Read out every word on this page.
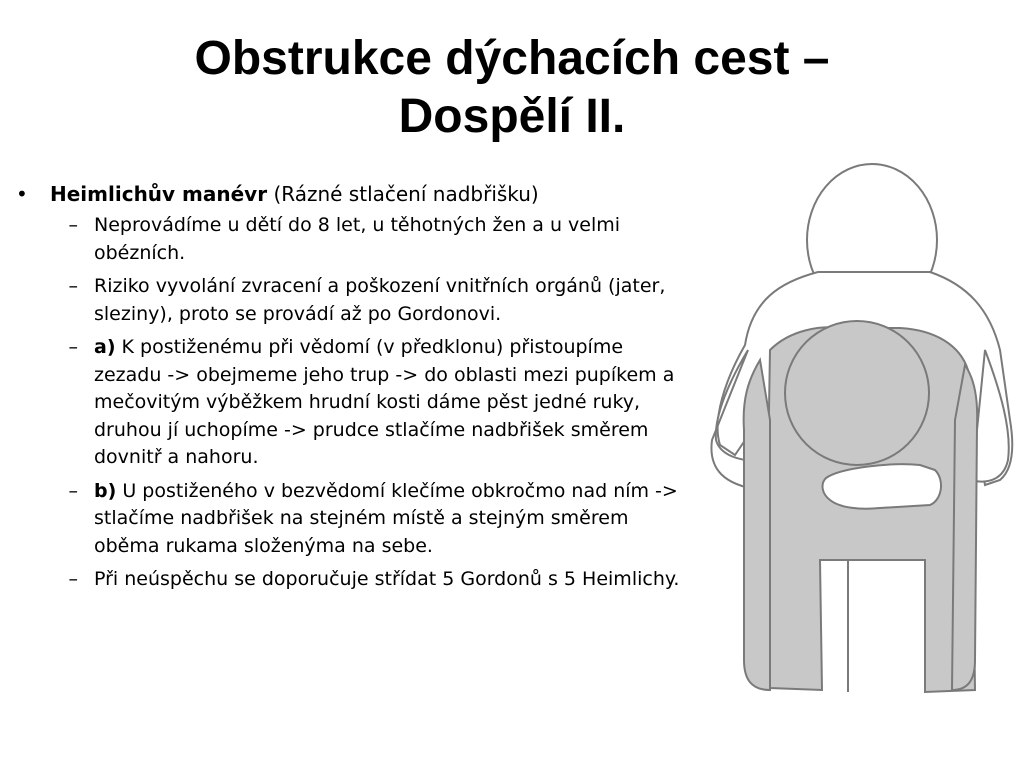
Obstrukce dýchacích cest –
Dospělí II.
•	Heimlichův manévr (Rázné stlačení nadbřišku)
– Neprovádíme u dětí do 8 let, u těhotných žen a u velmi obézních.
– Riziko vyvolání zvracení a poškození vnitřních orgánů (jater, sleziny), proto se provádí až po Gordonovi.
– a) K postiženému při vědomí (v předklonu) přistoupíme zezadu -> obejmeme jeho trup -> do oblasti mezi pupíkem a mečovitým výběžkem hrudní kosti dáme pěst jedné ruky, druhou jí uchopíme -> prudce stlačíme nadbřišek směrem dovnitř a nahoru.
– b) U postiženého v bezvědomí klečíme obkročmo nad ním -> stlačíme nadbřišek na stejném místě a stejným směrem oběma rukama složenýma na sebe.
– Při neúspěchu se doporučuje střídat 5 Gordonů s 5 Heimlichy.
